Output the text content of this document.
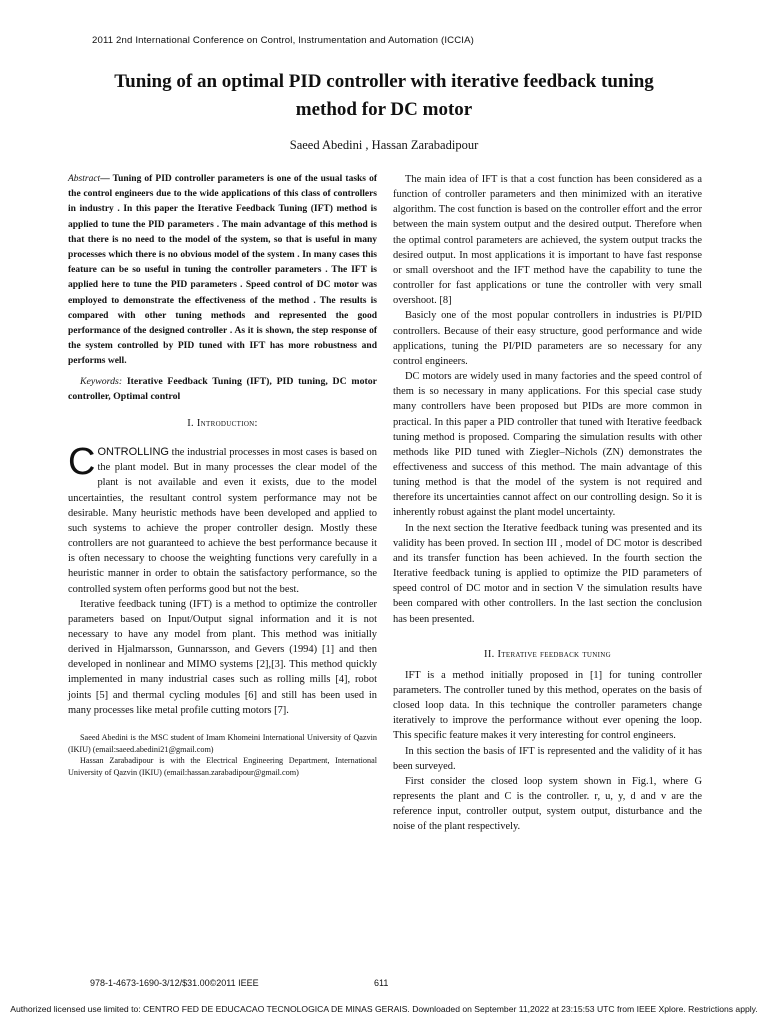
2011 2nd International Conference on Control, Instrumentation and Automation (ICCIA)
Tuning of an optimal PID controller with iterative feedback tuning
method for DC motor
Saeed Abedini , Hassan Zarabadipour

Abstract— Tuning of PID controller parameters is one of the usual tasks of the control engineers due to the wide applications of this class of controllers in industry . In this paper the Iterative Feedback Tuning (IFT) method is applied to tune the PID parameters . The main advantage of this method is that there is no need to the model of the system, so that is useful in many processes which there is no obvious model of the system . In many cases this feature can be so useful in tuning the controller parameters . The IFT is applied here to tune the PID parameters . Speed control of DC motor was employed to demonstrate the effectiveness of the method . The results is compared with other tuning methods and represented the good performance of the designed controller . As it is shown, the step response of the system controlled by PID tuned with IFT has more robustness and performs well.

Keywords: Iterative Feedback Tuning (IFT), PID tuning, DC motor controller, Optimal control

I. Introduction:

CONTROLLING the industrial processes in most cases is based on the plant model. But in many processes the clear model of the plant is not available and even it exists, due to the model uncertainties, the resultant control system performance may not be desirable. Many heuristic methods have been developed and applied to such systems to achieve the proper controller design. Mostly these controllers are not guaranteed to achieve the best performance because it is often necessary to choose the weighting functions very carefully in a heuristic manner in order to obtain the satisfactory performance, so the controlled system often performs good but not the best.

Iterative feedback tuning (IFT) is a method to optimize the controller parameters based on Input/Output signal information and it is not necessary to have any model from plant. This method was initially derived in Hjalmarsson, Gunnarsson, and Gevers (1994) [1] and then developed in nonlinear and MIMO systems [2],[3]. This method quickly implemented in many industrial cases such as rolling mills [4], robot joints [5] and thermal cycling modules [6] and still has been used in many processes like metal profile cutting motors [7].

Saeed Abedini is the MSC student of Imam Khomeini International University of Qazvin (IKIU) (email:saeed.abedini21@gmail.com)

Hassan Zarabadipour is with the Electrical Engineering Department, International University of Qazvin (IKIU) (email:hassan.zarabadipour@gmail.com)

The main idea of IFT is that a cost function has been considered as a function of controller parameters and then minimized with an iterative algorithm. The cost function is based on the controller effort and the error between the main system output and the desired output. Therefore when the optimal control parameters are achieved, the system output tracks the desired output. In most applications it is important to have fast response or small overshoot and the IFT method have the capability to tune the controller for fast applications or tune the controller with very small overshoot. [8]

Basicly one of the most popular controllers in industries is PI/PID controllers. Because of their easy structure, good performance and wide applications, tuning the PI/PID parameters are so necessary for any control engineers.

DC motors are widely used in many factories and the speed control of them is so necessary in many applications. For this special case study many controllers have been proposed but PIDs are more common in practical. In this paper a PID controller that tuned with Iterative feedback tuning method is proposed. Comparing the simulation results with other methods like PID tuned with Ziegler–Nichols (ZN) demonstrates the effectiveness and success of this method. The main advantage of this tuning method is that the model of the system is not required and therefore its uncertainties cannot affect on our controlling design. So it is inherently robust against the plant model uncertainty.

In the next section the Iterative feedback tuning was presented and its validity has been proved. In section III , model of DC motor is described and its transfer function has been achieved. In the fourth section the Iterative feedback tuning is applied to optimize the PID parameters of speed control of DC motor and in section V the simulation results have been compared with other controllers. In the last section the conclusion has been presented.

II. Iterative feedback tuning

IFT is a method initially proposed in [1] for tuning controller parameters. The controller tuned by this method, operates on the basis of closed loop data. In this technique the controller parameters change iteratively to improve the performance without ever opening the loop. This specific feature makes it very interesting for control engineers.

In this section the basis of IFT is represented and the validity of it has been surveyed.

First consider the closed loop system shown in Fig.1, where G represents the plant and C is the controller. r, u, y, d and v are the reference input, controller output, system output, disturbance and the noise of the plant respectively.

978-1-4673-1690-3/12/$31.00©2011 IEEE	611
Authorized licensed use limited to: CENTRO FED DE EDUCACAO TECNOLOGICA DE MINAS GERAIS. Downloaded on September 11,2022 at 23:15:53 UTC from IEEE Xplore. Restrictions apply.
